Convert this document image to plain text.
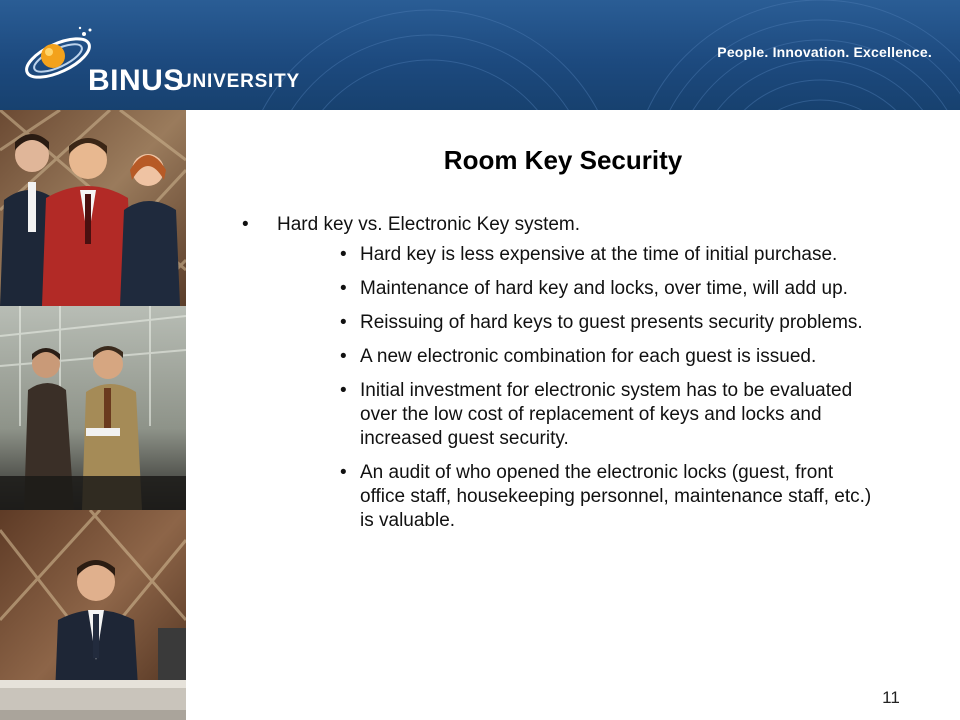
BINUS
UNIVERSITY
People. Innovation. Excellence.
Room Key Security
• Hard key vs. Electronic Key system.
• Hard key is less expensive at the time of initial purchase.
• Maintenance of hard key and locks, over time, will add up.
• Reissuing of hard keys to guest presents security problems.
• A new electronic combination for each guest is issued.
• Initial investment for electronic system has to be evaluated over the low cost of replacement of keys and locks and increased guest security.
• An audit of who opened the electronic locks (guest, front office staff, housekeeping personnel, maintenance staff, etc.) is valuable.
11
